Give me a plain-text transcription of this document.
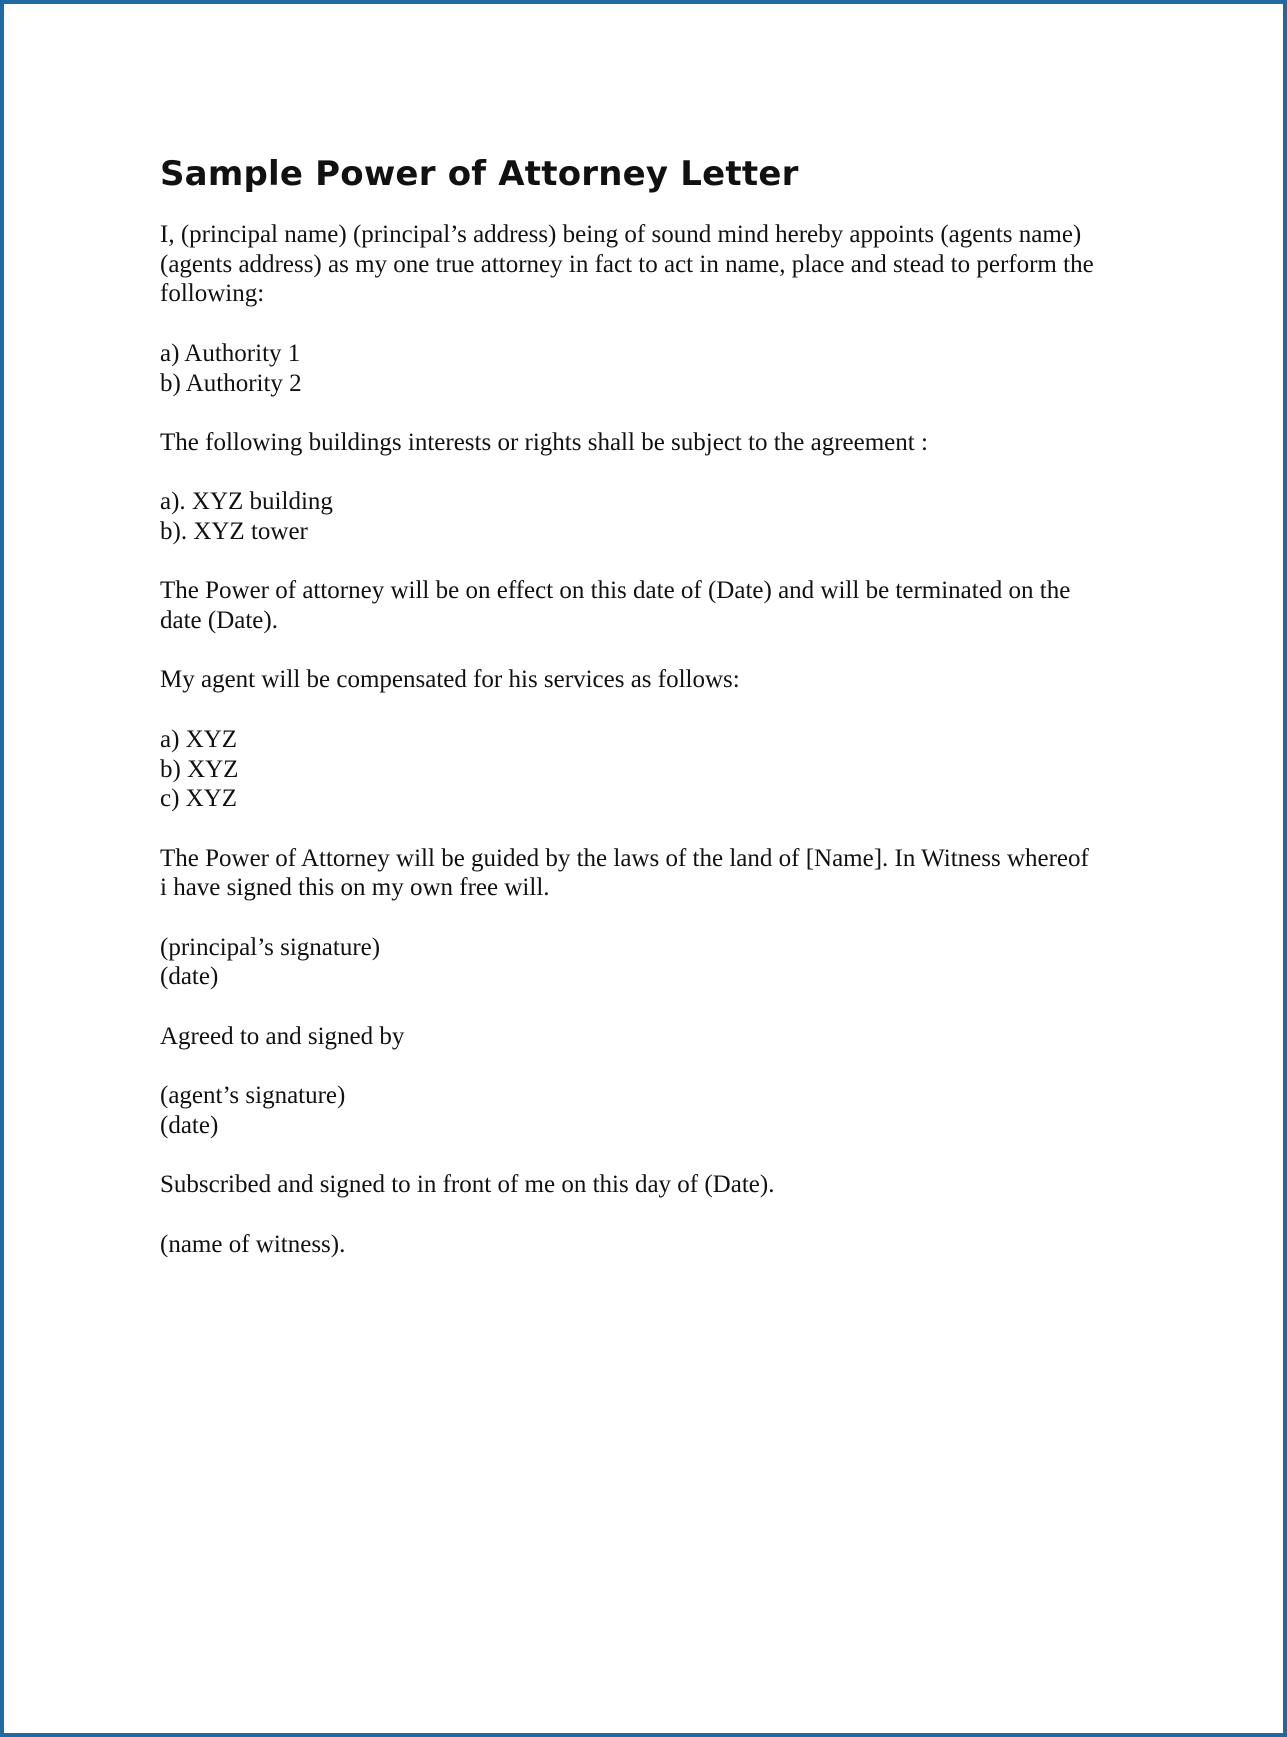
Sample Power of Attorney Letter
I, (principal name) (principal’s address) being of sound mind hereby appoints (agents name)
(agents address) as my one true attorney in fact to act in name, place and stead to perform the
following:
a) Authority 1
b) Authority 2
The following buildings interests or rights shall be subject to the agreement :
a). XYZ building
b). XYZ tower
The Power of attorney will be on effect on this date of (Date) and will be terminated on the
date (Date).
My agent will be compensated for his services as follows:
a) XYZ
b) XYZ
c) XYZ
The Power of Attorney will be guided by the laws of the land of [Name]. In Witness whereof
i have signed this on my own free will.
(principal’s signature)
(date)
Agreed to and signed by
(agent’s signature)
(date)
Subscribed and signed to in front of me on this day of (Date).
(name of witness).
